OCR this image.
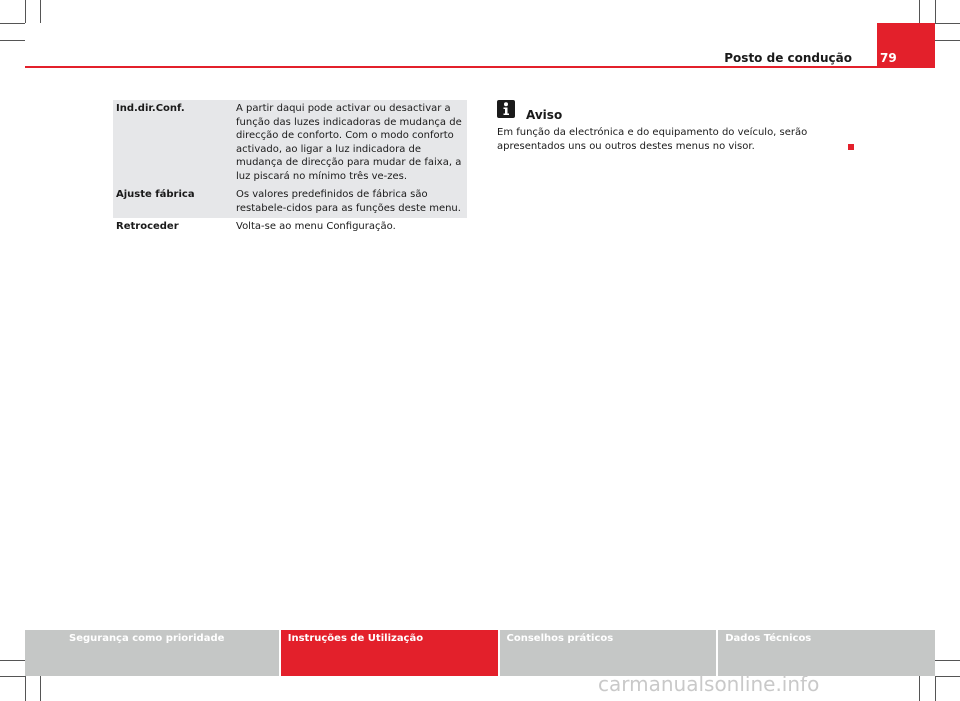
Posto de condução 79
Ind.dir.Conf.	A partir daqui pode activar ou desactivar a função das luzes indicadoras de mudança de direcção de conforto. Com o modo conforto activado, ao ligar a luz indicadora de mudança de direcção para mudar de faixa, a luz piscará no mínimo três ve-zes.
Ajuste fábrica	Os valores predefinidos de fábrica são restabele-cidos para as funções deste menu.
Retroceder	Volta-se ao menu Configuração.
Aviso
Em função da electrónica e do equipamento do veículo, serão apresentados uns ou outros destes menus no visor.
Segurança como prioridade	Instruções de Utilização	Conselhos práticos	Dados Técnicos
carmanualsonline.info
